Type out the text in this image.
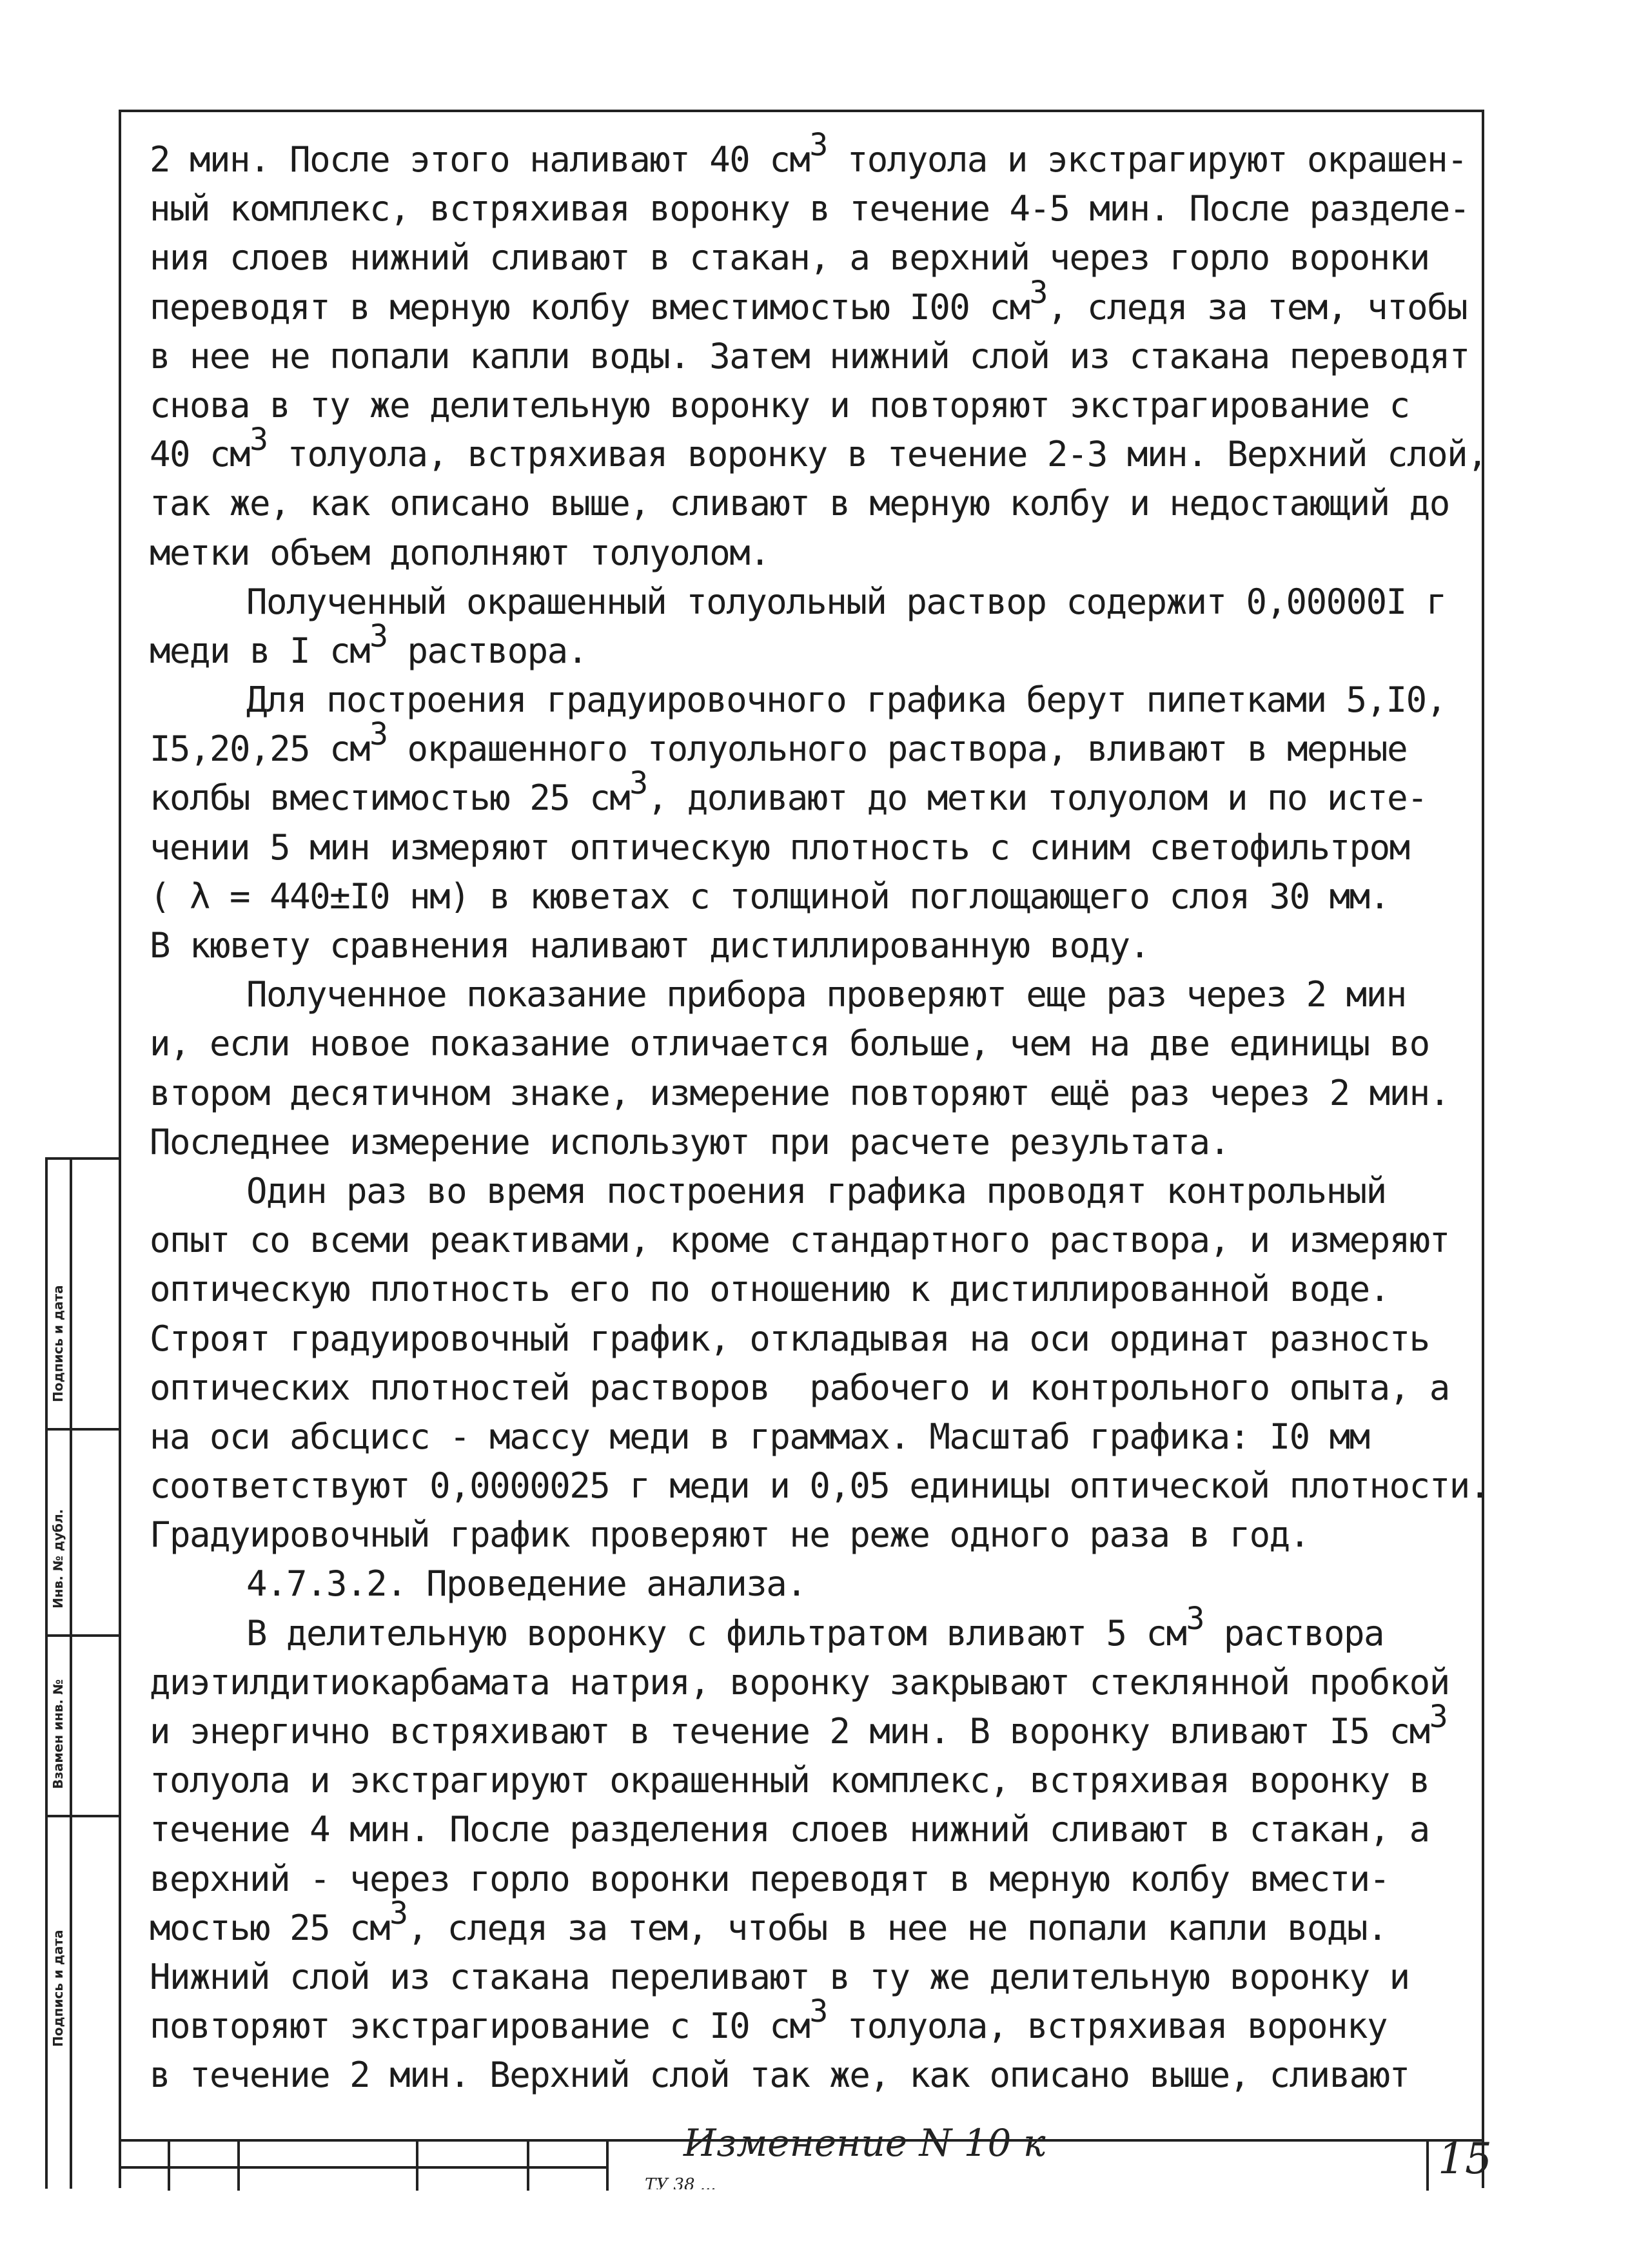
2 мин. После этого наливают 40 $см^3$ толуола и экстрагируют окрашен-
ный комплекс, встряхивая воронку в течение 4-5 мин. После разделе-
ния слоев нижний сливают в стакан, а верхний через горло воронки
переводят в мерную колбу вместимостью I00 $см^3$, следя за тем, чтобы
в нее не попали капли воды. Затем нижний слой из стакана переводят
снова в ту же делительную воронку и повторяют экстрагирование с
40 $см^3$ толуола, встряхивая воронку в течение 2-3 мин. Верхний слой,
так же, как описано выше, сливают в мерную колбу и недостающий до
метки объем дополняют толуолом.
Полученный окрашенный толуольный раствор содержит 0,00000I г
меди в I $см^3$ раствора.
Для построения градуировочного графика берут пипетками 5,I0,
I5,20,25 $см^3$ окрашенного толуольного раствора, вливают в мерные
колбы вместимостью 25 $см^3$, доливают до метки толуолом и по исте-
чении 5 мин измеряют оптическую плотность с синим светофильтром
( λ = 440±I0 нм) в кюветах с толщиной поглощающего слоя 30 мм.
В кювету сравнения наливают дистиллированную воду.
Полученное показание прибора проверяют еще раз через 2 мин
и, если новое показание отличается больше, чем на две единицы во
втором десятичном знаке, измерение повторяют ещё раз через 2 мин.
Последнее измерение используют при расчете результата.
Один раз во время построения графика проводят контрольный
опыт со всеми реактивами, кроме стандартного раствора, и измеряют
оптическую плотность его по отношению к дистиллированной воде.
Строят градуировочный график, откладывая на оси ординат разность
оптических плотностей растворов  рабочего и контрольного опыта, а
на оси абсцисс - массу меди в граммах. Масштаб графика: I0 мм
соответствуют 0,0000025 г меди и 0,05 единицы оптической плотности.
Градуировочный график проверяют не реже одного раза в год.
4.7.3.2. Проведение анализа.
В делительную воронку с фильтратом вливают 5 $см^3$ раствора
диэтилдитиокарбамата натрия, воронку закрывают стеклянной пробкой
и энергично встряхивают в течение 2 мин. В воронку вливают I5 $см^3$
толуола и экстрагируют окрашенный комплекс, встряхивая воронку в
течение 4 мин. После разделения слоев нижний сливают в стакан, а
верхний - через горло воронки переводят в мерную колбу вмести-
мостью 25 $см^3$, следя за тем, чтобы в нее не попали капли воды.
Нижний слой из стакана переливают в ту же делительную воронку и
повторяют экстрагирование с I0 $см^3$ толуола, встряхивая воронку
в течение 2 мин. Верхний слой так же, как описано выше, сливают
Подпись и дата
Инв. № дубл.
Взамен инв. №
Подпись и дата
Изменение N 10 к
ТУ 38 ...
15
